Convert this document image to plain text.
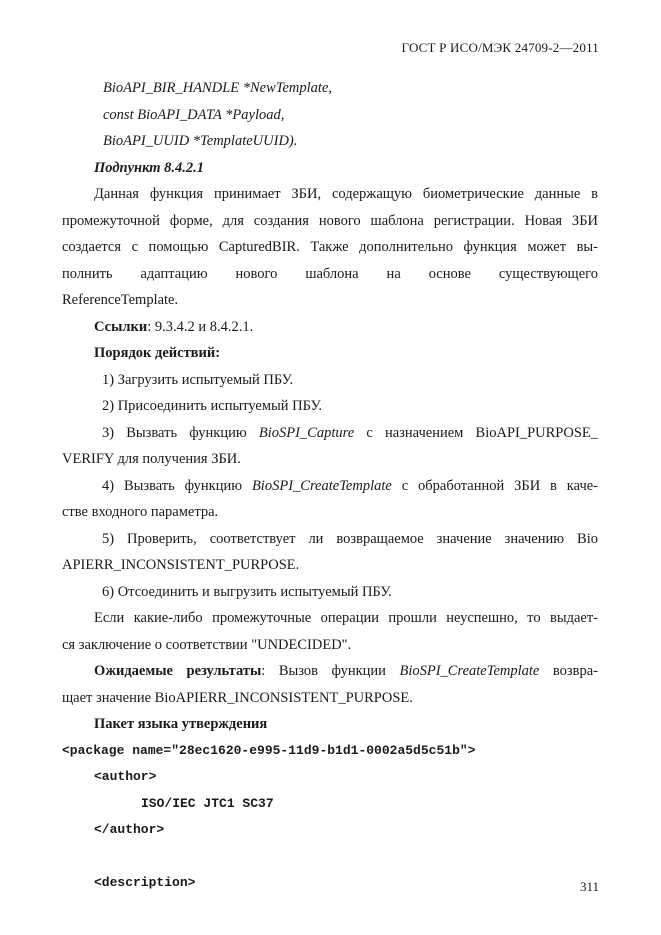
ГОСТ Р ИСО/МЭК 24709-2—2011
BioAPI_BIR_HANDLE *NewTemplate,
const BioAPI_DATA *Payload,
BioAPI_UUID *TemplateUUID).
Подпункт 8.4.2.1
Данная функция принимает ЗБИ, содержащую биометрические данные в
промежуточной форме, для создания нового шаблона регистрации. Новая ЗБИ
создается с помощью CapturedBIR. Также дополнительно функция может вы-
полнить адаптацию нового шаблона на основе существующего
ReferenceTemplate.
Ссылки: 9.3.4.2 и 8.4.2.1.
Порядок действий:
1) Загрузить испытуемый ПБУ.
2) Присоединить испытуемый ПБУ.
3) Вызвать функцию BioSPI_Capture с назначением BioAPI_PURPOSE_
VERIFY для получения ЗБИ.
4) Вызвать функцию BioSPI_CreateTemplate с обработанной ЗБИ в каче-
стве входного параметра.
5) Проверить, соответствует ли возвращаемое значение значению Bio
APIERR_INCONSISTENT_PURPOSE.
6) Отсоединить и выгрузить испытуемый ПБУ.
Если какие-либо промежуточные операции прошли неуспешно, то выдает-
ся заключение о соответствии "UNDECIDED".
Ожидаемые результаты: Вызов функции BioSPI_CreateTemplate возвра-
щает значение BioAPIERR_INCONSISTENT_PURPOSE.
Пакет языка утверждения
<package name="28ec1620-e995-11d9-b1d1-0002a5d5c51b">
<author>
ISO/IEC JTC1 SC37
</author>
<description>	311
